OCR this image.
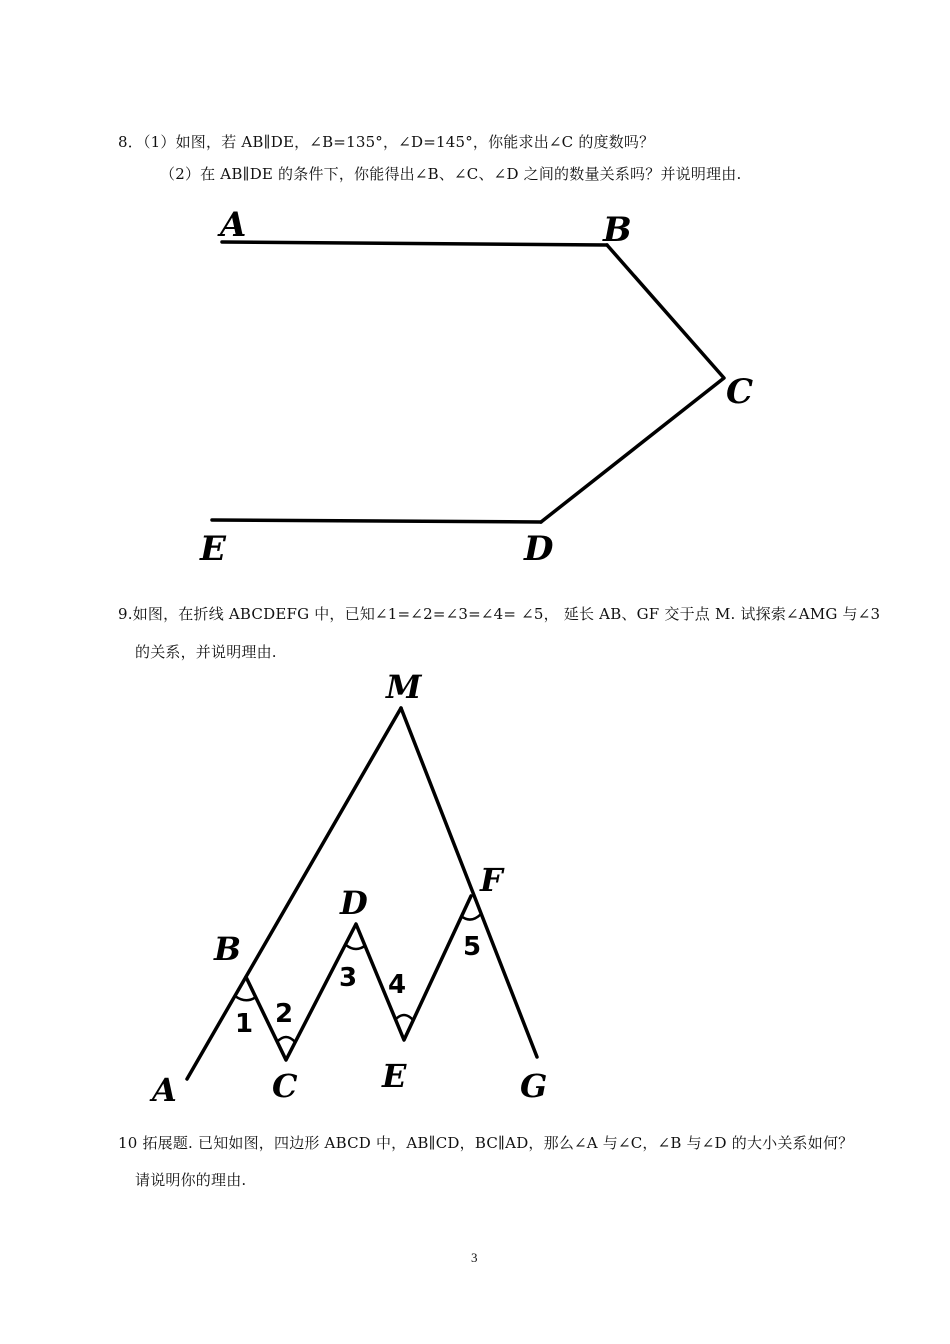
8．（1）如图，若 AB∥DE，∠B=135°，∠D=145°，你能求出∠C 的度数吗？
（2）在 AB∥DE 的条件下，你能得出∠B、∠C、∠D 之间的数量关系吗？并说明理由.
A	B
C
D
E
M
B
D
F
A	C	E	G
1 2
3 4
5
9.如图，在折线 ABCDEFG 中，已知∠1=∠2=∠3=∠4= ∠5， 延长 AB、GF 交于点 M. 试探索∠AMG 与∠3
的关系，并说明理由.
10 拓展题. 已知如图，四边形 ABCD 中，AB∥CD，BC∥AD，那么∠A 与∠C，∠B 与∠D 的大小关系如何？
请说明你的理由.
3
